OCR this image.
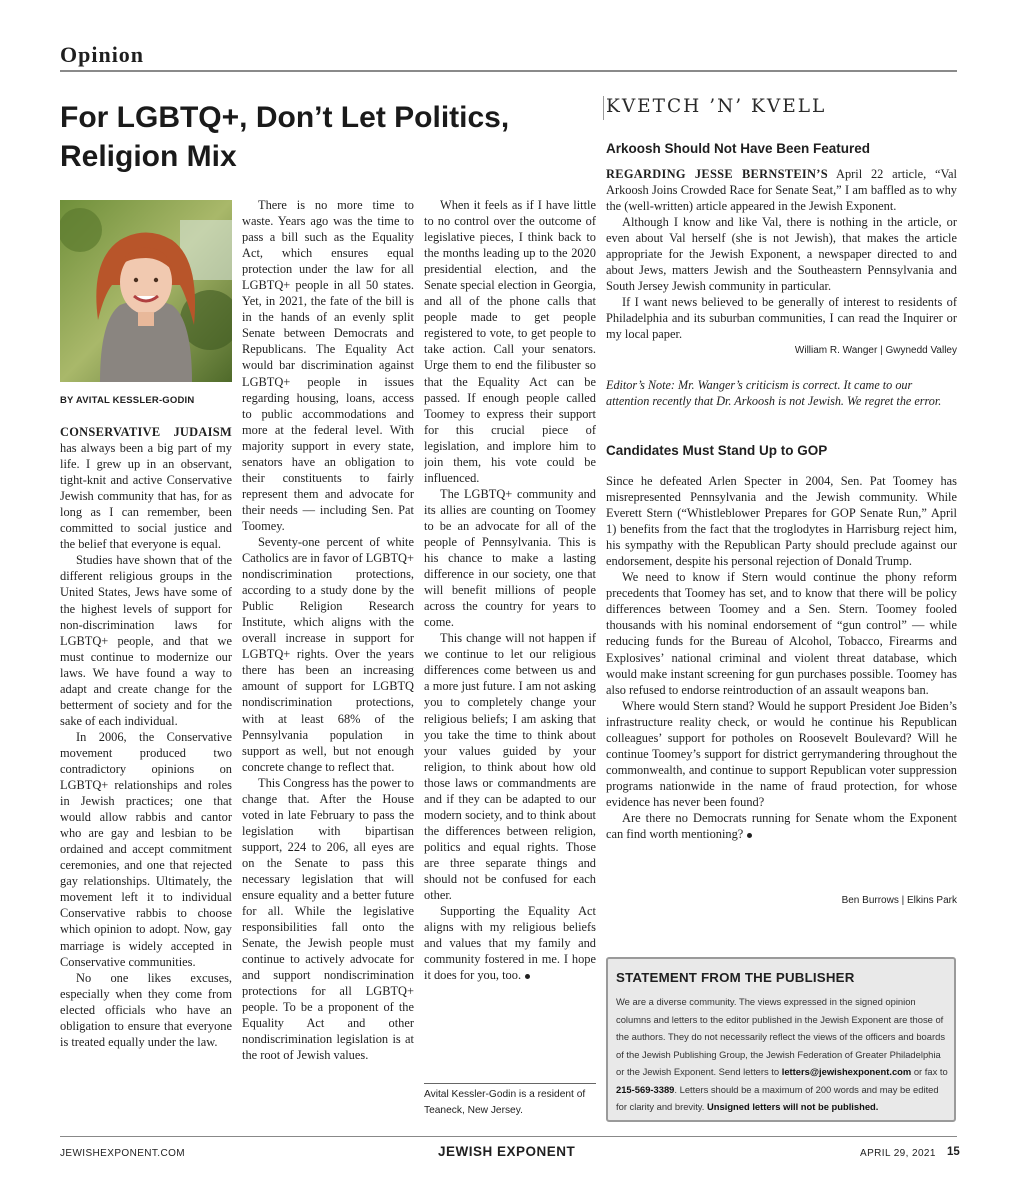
Opinion
For LGBTQ+, Don’t Let Politics, Religion Mix
BY AVITAL KESSLER-GODIN

CONSERVATIVE JUDAISM has always been a big part of my life. I grew up in an observant, tight-knit and active Conservative Jewish community that has, for as long as I can remember, been committed to social justice and the belief that everyone is equal.

Studies have shown that of the different religious groups in the United States, Jews have some of the highest levels of support for non-discrimination laws for LGBTQ+ people, and that we must continue to modernize our laws. We have found a way to adapt and create change for the betterment of society and for the sake of each individual.

In 2006, the Conservative movement produced two contradictory opinions on LGBTQ+ relationships and roles in Jewish practices; one that would allow rabbis and cantor who are gay and lesbian to be ordained and accept commitment ceremonies, and one that rejected gay relationships. Ultimately, the movement left it to individual Conservative rabbis to choose which opinion to adopt. Now, gay marriage is widely accepted in Conservative communities.

No one likes excuses, especially when they come from elected officials who have an obligation to ensure that everyone is treated equally under the law.

There is no more time to waste. Years ago was the time to pass a bill such as the Equality Act, which ensures equal protection under the law for all LGBTQ+ people in all 50 states. Yet, in 2021, the fate of the bill is in the hands of an evenly split Senate between Democrats and Republicans. The Equality Act would bar discrimination against LGBTQ+ people in issues regarding housing, loans, access to public accommodations and more at the federal level. With majority support in every state, senators have an obligation to their constituents to fairly represent them and advocate for their needs — including Sen. Pat Toomey.

Seventy-one percent of white Catholics are in favor of LGBTQ+ nondiscrimination protections, according to a study done by the Public Religion Research Institute, which aligns with the overall increase in support for LGBTQ+ rights. Over the years there has been an increasing amount of support for LGBTQ nondiscrimination protections, with at least 68% of the Pennsylvania population in support as well, but not enough concrete change to reflect that.

This Congress has the power to change that. After the House voted in late February to pass the legislation with bipartisan support, 224 to 206, all eyes are on the Senate to pass this necessary legislation that will ensure equality and a better future for all. While the legislative responsibilities fall onto the Senate, the Jewish people must continue to actively advocate for and support nondiscrimination protections for all LGBTQ+ people. To be a proponent of the Equality Act and other nondiscrimination legislation is at the root of Jewish values.

When it feels as if I have little to no control over the outcome of legislative pieces, I think back to the months leading up to the 2020 presidential election, and the Senate special election in Georgia, and all of the phone calls that people made to get people registered to vote, to get people to take action. Call your senators. Urge them to end the filibuster so that the Equality Act can be passed. If enough people called Toomey to express their support for this crucial piece of legislation, and implore him to join them, his vote could be influenced.

The LGBTQ+ community and its allies are counting on Toomey to be an advocate for all of the people of Pennsylvania. This is his chance to make a lasting difference in our society, one that will benefit millions of people across the country for years to come.

This change will not happen if we continue to let our religious differences come between us and a more just future. I am not asking you to completely change your religious beliefs; I am asking that you take the time to think about your values guided by your religion, to think about how old those laws or commandments are and if they can be adapted to our modern society, and to think about the differences between religion, politics and equal rights. Those are three separate things and should not be confused for each other.

Supporting the Equality Act aligns with my religious beliefs and values that my family and community fostered in me. I hope it does for you, too.

Avital Kessler-Godin is a resident of Teaneck, New Jersey.
KVETCH ’N’ KVELL
Arkoosh Should Not Have Been Featured

REGARDING JESSE BERNSTEIN’S April 22 article, “Val Arkoosh Joins Crowded Race for Senate Seat,” I am baffled as to why the (well-written) article appeared in the Jewish Exponent.

Although I know and like Val, there is nothing in the article, or even about Val herself (she is not Jewish), that makes the article appropriate for the Jewish Exponent, a newspaper directed to and about Jews, matters Jewish and the Southeastern Pennsylvania and South Jersey Jewish community in particular.

If I want news believed to be generally of interest to residents of Philadelphia and its suburban communities, I can read the Inquirer or my local paper.

William R. Wanger | Gwynedd Valley
Editor’s Note: Mr. Wanger’s criticism is correct. It came to our attention recently that Dr. Arkoosh is not Jewish. We regret the error.
Candidates Must Stand Up to GOP

Since he defeated Arlen Specter in 2004, Sen. Pat Toomey has misrepresented Pennsylvania and the Jewish community. While Everett Stern (“Whistleblower Prepares for GOP Senate Run,” April 1) benefits from the fact that the troglodytes in Harrisburg reject him, his sympathy with the Republican Party should preclude against our endorsement, despite his personal rejection of Donald Trump.

We need to know if Stern would continue the phony reform precedents that Toomey has set, and to know that there will be policy differences between Toomey and a Sen. Stern. Toomey fooled thousands with his nominal endorsement of “gun control” — while reducing funds for the Bureau of Alcohol, Tobacco, Firearms and Explosives’ national criminal and violent threat database, which would make instant screening for gun purchases possible. Toomey has also refused to endorse reintroduction of an assault weapons ban.

Where would Stern stand? Would he support President Joe Biden’s infrastructure reality check, or would he continue his Republican colleagues’ support for potholes on Roosevelt Boulevard? Will he continue Toomey’s support for district gerrymandering throughout the commonwealth, and continue to support Republican voter suppression programs nationwide in the name of fraud protection, for whose evidence has never been found?

Are there no Democrats running for Senate whom the Exponent can find worth mentioning?

Ben Burrows | Elkins Park
STATEMENT FROM THE PUBLISHER
We are a diverse community. The views expressed in the signed opinion columns and letters to the editor published in the Jewish Exponent are those of the authors. They do not necessarily reflect the views of the officers and boards of the Jewish Publishing Group, the Jewish Federation of Greater Philadelphia or the Jewish Exponent. Send letters to letters@jewishexponent.com or fax to 215-569-3389. Letters should be a maximum of 200 words and may be edited for clarity and brevity. Unsigned letters will not be published.
JEWISHEXPONENT.COM	JEWISH EXPONENT	APRIL 29, 2021 15
